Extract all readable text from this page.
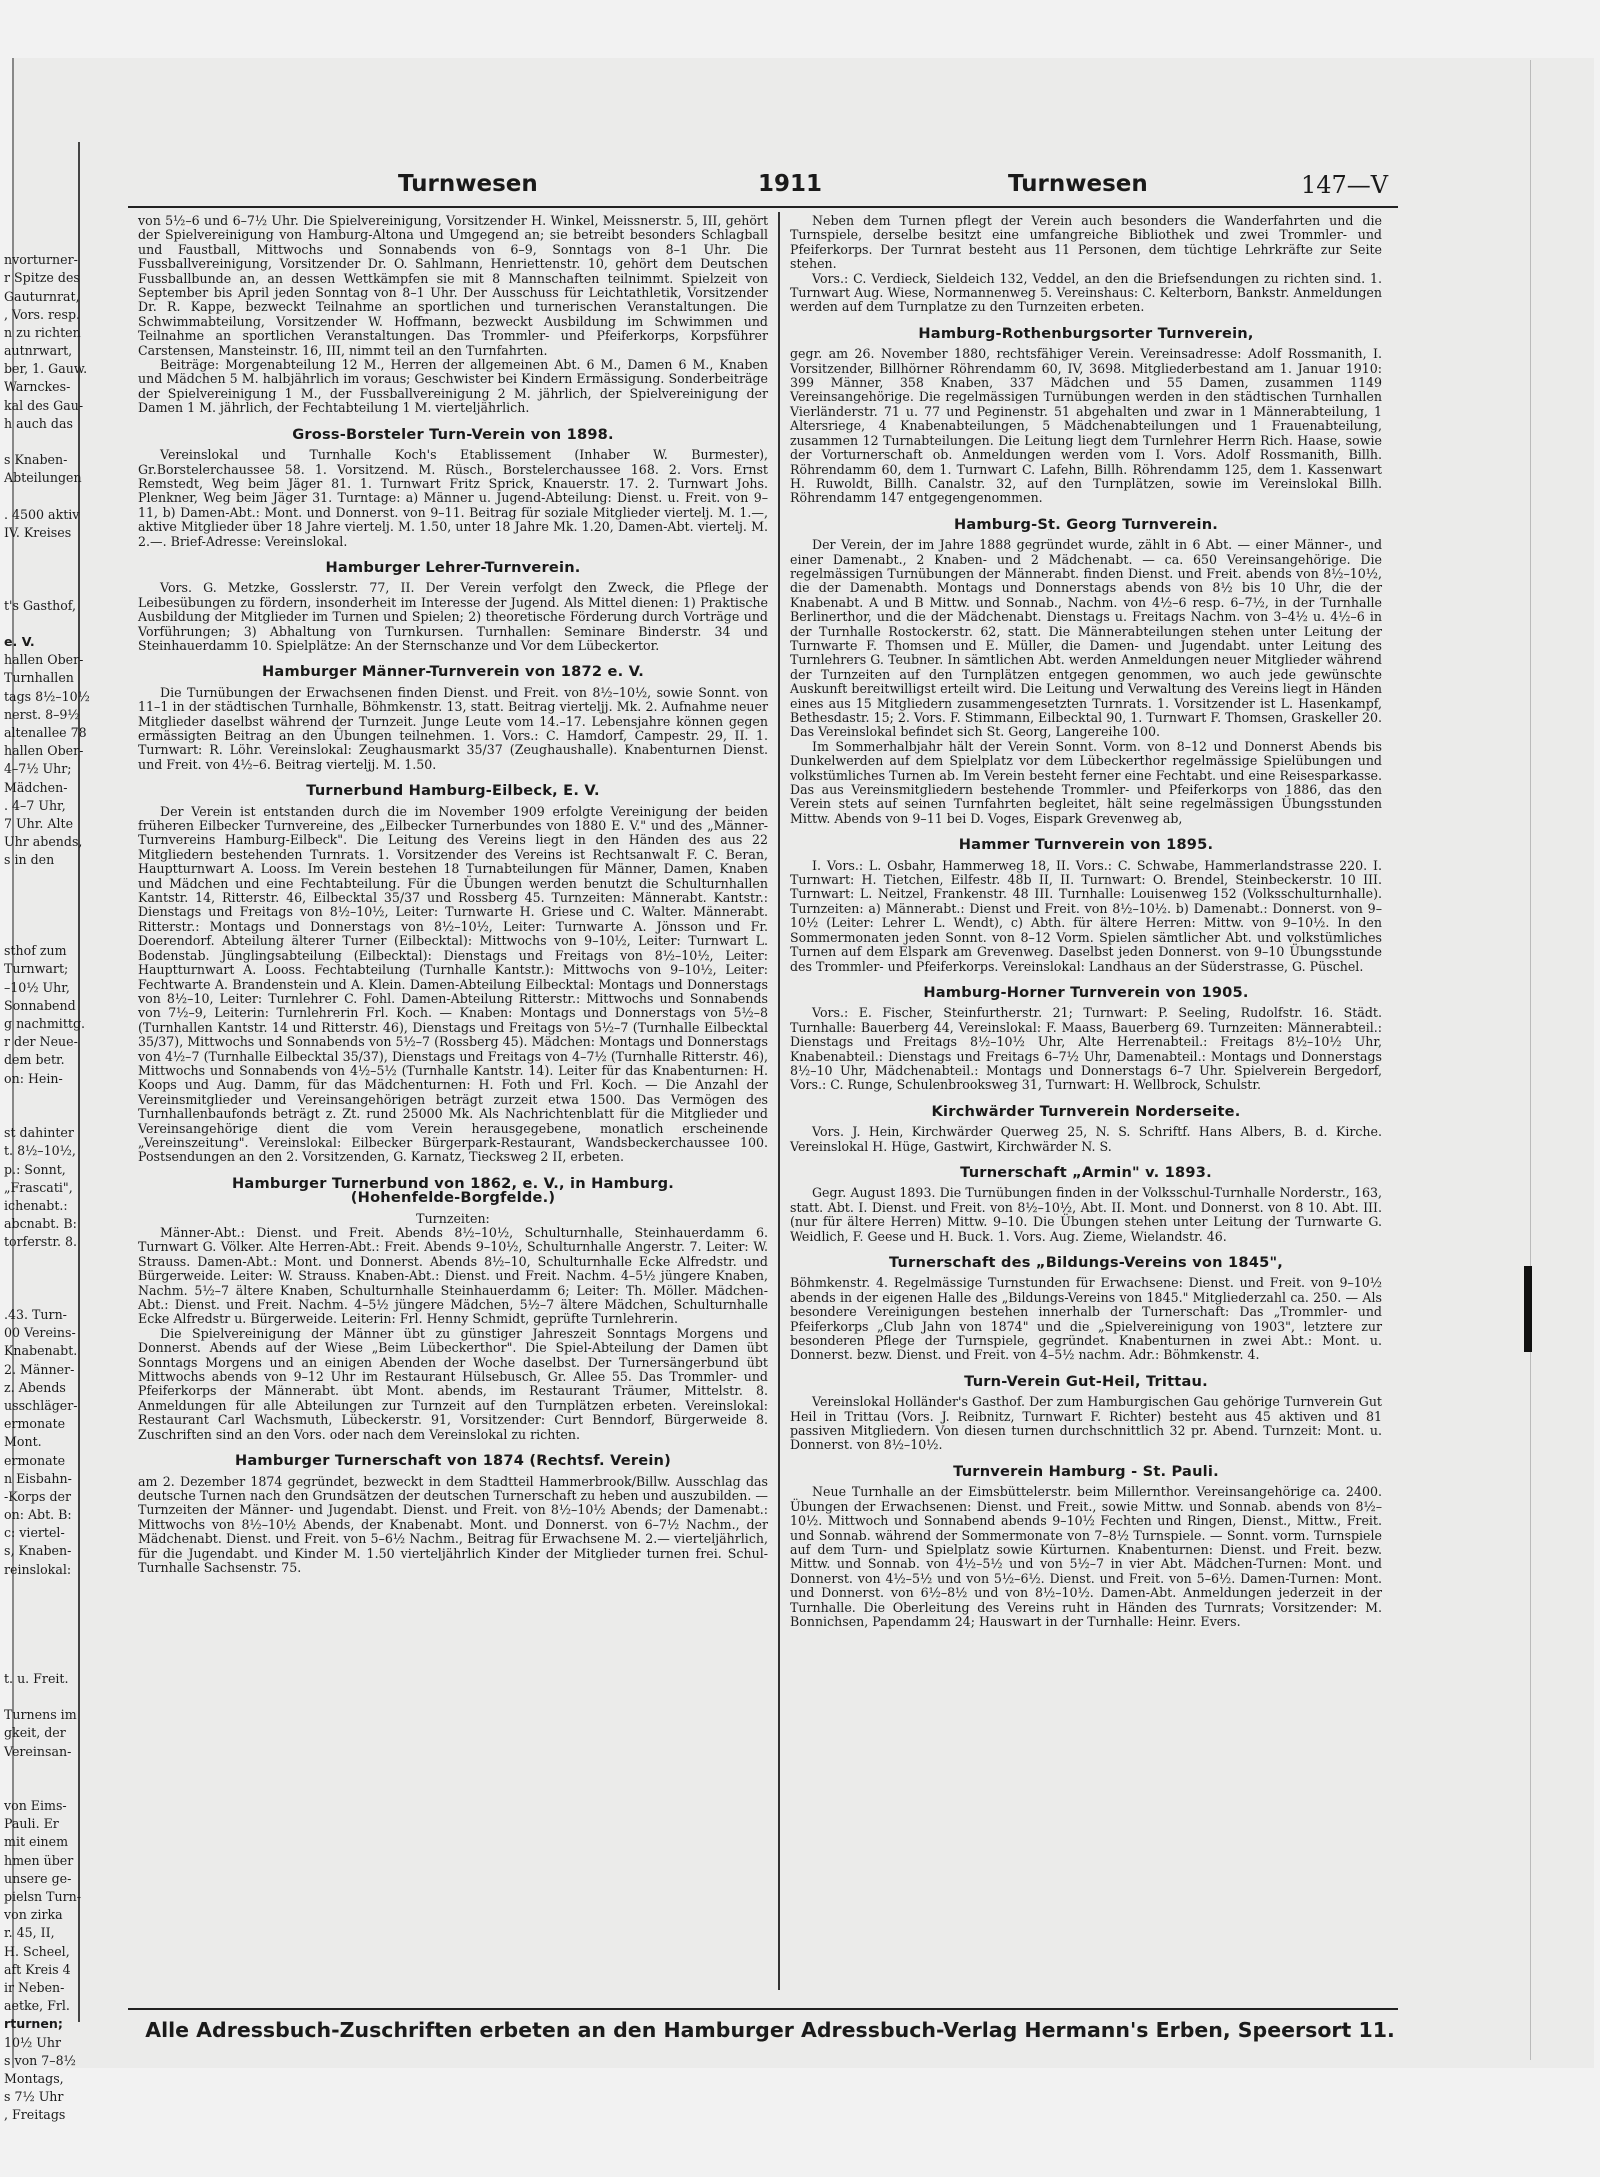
nvorturner-
r Spitze des
Gauturnrat,
, Vors. resp.
n zu richten
autnrwart,
ber, 1. Gauw.
Warnckes-
kal des Gau-
h auch das
s Knaben-
Abteilungen
. 4500 aktiv
IV. Kreises
t's Gasthof,
e. V.
hallen Ober-
Turnhallen
tags 8½–10½
nerst. 8–9½
altenallee 78
hallen Ober-
4–7½ Uhr;
Mädchen-
. 4–7 Uhr,
7 Uhr. Alte
Uhr abends,
s in den
sthof zum
Turnwart;
–10½ Uhr,
Sonnabend
g nachmittg.
r der Neue-
dem betr.
on: Hein-
st dahinter
t. 8½–10½,
p.: Sonnt,
„Frascati",
ichenabt.:
abcnabt. B:
torferstr. 8.
.43. Turn-
00 Vereins-
Knabenabt.
2. Männer-
z. Abends
usschläger-
ermonate
Mont.
ermonate
n Eisbahn-
-Korps der
on: Abt. B:
c: viertel-
s, Knaben-
reinslokal:
t. u. Freit.
Turnens im
gkeit, der
Vereinsan-
von Eims-
Pauli. Er
mit einem
hmen über
unsere ge-
pielsn Turn-
von zirka
r. 45, II,
H. Scheel,
aft Kreis 4
ir Neben-
aetke, Frl.
rturnen;
10½ Uhr
s von 7–8½
Montags,
s 7½ Uhr
, Freitags
Turnwesen	1911	Turnwesen	147—V

von 5½–6 und 6–7½ Uhr. Die Spielvereinigung, Vorsitzender H. Winkel, Meissnerstr. 5, III, gehört der Spielvereinigung von Hamburg-Altona und Umgegend an; sie betreibt besonders Schlagball und Faustball, Mittwochs und Sonnabends von 6–9, Sonntags von 8–1 Uhr. Die Fussballvereinigung, Vorsitzender Dr. O. Sahlmann, Henriettenstr. 10, gehört dem Deutschen Fussballbunde an, an dessen Wettkämpfen sie mit 8 Mannschaften teilnimmt. Spielzeit von September bis April jeden Sonntag von 8–1 Uhr. Der Ausschuss für Leichtathletik, Vorsitzender Dr. R. Kappe, bezweckt Teilnahme an sportlichen und turnerischen Veranstaltungen. Die Schwimmabteilung, Vorsitzender W. Hoffmann, bezweckt Ausbildung im Schwimmen und Teilnahme an sportlichen Veranstaltungen. Das Trommler- und Pfeiferkorps, Korpsführer Carstensen, Mansteinstr. 16, III, nimmt teil an den Turnfahrten.

Beiträge: Morgenabteilung 12 M., Herren der allgemeinen Abt. 6 M., Damen 6 M., Knaben und Mädchen 5 M. halbjährlich im voraus; Geschwister bei Kindern Ermässigung. Sonderbeiträge der Spielvereinigung 1 M., der Fussballvereinigung 2 M. jährlich, der Spielvereinigung der Damen 1 M. jährlich, der Fechtabteilung 1 M. vierteljährlich.

Gross-Borsteler Turn-Verein von 1898.

Vereinslokal und Turnhalle Koch's Etablissement (Inhaber W. Burmester), Gr.Borstelerchaussee 58. 1. Vorsitzend. M. Rüsch., Borstelerchaussee 168. 2. Vors. Ernst Remstedt, Weg beim Jäger 81. 1. Turnwart Fritz Sprick, Knauerstr. 17. 2. Turnwart Johs. Plenkner, Weg beim Jäger 31. Turntage: a) Männer u. Jugend-Abteilung: Dienst. u. Freit. von 9–11, b) Damen-Abt.: Mont. und Donnerst. von 9–11. Beitrag für soziale Mitglieder viertelj. M. 1.—, aktive Mitglieder über 18 Jahre viertelj. M. 1.50, unter 18 Jahre Mk. 1.20, Damen-Abt. viertelj. M. 2.—. Brief-Adresse: Vereinslokal.

Hamburger Lehrer-Turnverein.

Vors. G. Metzke, Gosslerstr. 77, II. Der Verein verfolgt den Zweck, die Pflege der Leibesübungen zu fördern, insonderheit im Interesse der Jugend. Als Mittel dienen: 1) Praktische Ausbildung der Mitglieder im Turnen und Spielen; 2) theoretische Förderung durch Vorträge und Vorführungen; 3) Abhaltung von Turnkursen. Turnhallen: Seminare Binderstr. 34 und Steinhauerdamm 10. Spielplätze: An der Sternschanze und Vor dem Lübeckertor.

Hamburger Männer-Turnverein von 1872 e. V.

Die Turnübungen der Erwachsenen finden Dienst. und Freit. von 8½–10½, sowie Sonnt. von 11–1 in der städtischen Turnhalle, Böhmkenstr. 13, statt. Beitrag vierteljj. Mk. 2. Aufnahme neuer Mitglieder daselbst während der Turnzeit. Junge Leute vom 14.–17. Lebensjahre können gegen ermässigten Beitrag an den Übungen teilnehmen. 1. Vors.: C. Hamdorf, Campestr. 29, II. 1. Turnwart: R. Löhr. Vereinslokal: Zeughausmarkt 35/37 (Zeughaushalle). Knabenturnen Dienst. und Freit. von 4½–6. Beitrag vierteljj. M. 1.50.

Turnerbund Hamburg-Eilbeck, E. V.

Der Verein ist entstanden durch die im November 1909 erfolgte Vereinigung der beiden früheren Eilbecker Turnvereine, des „Eilbecker Turnerbundes von 1880 E. V." und des „Männer-Turnvereins Hamburg-Eilbeck". Die Leitung des Vereins liegt in den Händen des aus 22 Mitgliedern bestehenden Turnrats. 1. Vorsitzender des Vereins ist Rechtsanwalt F. C. Beran, Hauptturnwart A. Looss. Im Verein bestehen 18 Turnabteilungen für Männer, Damen, Knaben und Mädchen und eine Fechtabteilung. Für die Übungen werden benutzt die Schulturnhallen Kantstr. 14, Ritterstr. 46, Eilbecktal 35/37 und Rossberg 45. Turnzeiten: Männerabt. Kantstr.: Dienstags und Freitags von 8½–10½, Leiter: Turnwarte H. Griese und C. Walter. Männerabt. Ritterstr.: Montags und Donnerstags von 8½–10½, Leiter: Turnwarte A. Jönsson und Fr. Doerendorf. Abteilung älterer Turner (Eilbecktal): Mittwochs von 9–10½, Leiter: Turnwart L. Bodenstab. Jünglingsabteilung (Eilbecktal): Dienstags und Freitags von 8½–10½, Leiter: Hauptturnwart A. Looss. Fechtabteilung (Turnhalle Kantstr.): Mittwochs von 9–10½, Leiter: Fechtwarte A. Brandenstein und A. Klein. Damen-Abteilung Eilbecktal: Montags und Donnerstags von 8½–10, Leiter: Turnlehrer C. Fohl. Damen-Abteilung Ritterstr.: Mittwochs und Sonnabends von 7½–9, Leiterin: Turnlehrerin Frl. Koch. — Knaben: Montags und Donnerstags von 5½–8 (Turnhallen Kantstr. 14 und Ritterstr. 46), Dienstags und Freitags von 5½–7 (Turnhalle Eilbecktal 35/37), Mittwochs und Sonnabends von 5½–7 (Rossberg 45). Mädchen: Montags und Donnerstags von 4½–7 (Turnhalle Eilbecktal 35/37), Dienstags und Freitags von 4–7½ (Turnhalle Ritterstr. 46), Mittwochs und Sonnabends von 4½–5½ (Turnhalle Kantstr. 14). Leiter für das Knabenturnen: H. Koops und Aug. Damm, für das Mädchenturnen: H. Foth und Frl. Koch. — Die Anzahl der Vereinsmitglieder und Vereinsangehörigen beträgt zurzeit etwa 1500. Das Vermögen des Turnhallenbaufonds beträgt z. Zt. rund 25000 Mk. Als Nachrichtenblatt für die Mitglieder und Vereinsangehörige dient die vom Verein herausgegebene, monatlich erscheinende „Vereinszeitung". Vereinslokal: Eilbecker Bürgerpark-Restaurant, Wandsbeckerchaussee 100. Postsendungen an den 2. Vorsitzenden, G. Karnatz, Tiecksweg 2 II, erbeten.

Hamburger Turnerbund von 1862, e. V., in Hamburg.
(Hohenfelde-Borgfelde.)
Turnzeiten:

Männer-Abt.: Dienst. und Freit. Abends 8½–10½, Schulturnhalle, Steinhauerdamm 6. Turnwart G. Völker. Alte Herren-Abt.: Freit. Abends 9–10½, Schulturnhalle Angerstr. 7. Leiter: W. Strauss. Damen-Abt.: Mont. und Donnerst. Abends 8½–10, Schulturnhalle Ecke Alfredstr. und Bürgerweide. Leiter: W. Strauss. Knaben-Abt.: Dienst. und Freit. Nachm. 4–5½ jüngere Knaben, Nachm. 5½–7 ältere Knaben, Schulturnhalle Steinhauerdamm 6; Leiter: Th. Möller. Mädchen-Abt.: Dienst. und Freit. Nachm. 4–5½ jüngere Mädchen, 5½–7 ältere Mädchen, Schulturnhalle Ecke Alfredstr u. Bürgerweide. Leiterin: Frl. Henny Schmidt, geprüfte Turnlehrerin.

Die Spielvereinigung der Männer übt zu günstiger Jahreszeit Sonntags Morgens und Donnerst. Abends auf der Wiese „Beim Lübeckerthor". Die Spiel-Abteilung der Damen übt Sonntags Morgens und an einigen Abenden der Woche daselbst. Der Turnersängerbund übt Mittwochs abends von 9–12 Uhr im Restaurant Hülsebusch, Gr. Allee 55. Das Trommler- und Pfeiferkorps der Männerabt. übt Mont. abends, im Restaurant Träumer, Mittelstr. 8. Anmeldungen für alle Abteilungen zur Turnzeit auf den Turnplätzen erbeten. Vereinslokal: Restaurant Carl Wachsmuth, Lübeckerstr. 91, Vorsitzender: Curt Benndorf, Bürgerweide 8. Zuschriften sind an den Vors. oder nach dem Vereinslokal zu richten.

Hamburger Turnerschaft von 1874 (Rechtsf. Verein)

am 2. Dezember 1874 gegründet, bezweckt in dem Stadtteil Hammerbrook/Billw. Ausschlag das deutsche Turnen nach den Grundsätzen der deutschen Turnerschaft zu heben und auszubilden. — Turnzeiten der Männer- und Jugendabt. Dienst. und Freit. von 8½–10½ Abends; der Damenabt.: Mittwochs von 8½–10½ Abends, der Knabenabt. Mont. und Donnerst. von 6–7½ Nachm., der Mädchenabt. Dienst. und Freit. von 5–6½ Nachm., Beitrag für Erwachsene M. 2.— vierteljährlich, für die Jugendabt. und Kinder M. 1.50 vierteljährlich Kinder der Mitglieder turnen frei. Schul-Turnhalle Sachsenstr. 75.

Neben dem Turnen pflegt der Verein auch besonders die Wanderfahrten und die Turnspiele, derselbe besitzt eine umfangreiche Bibliothek und zwei Trommler- und Pfeiferkorps. Der Turnrat besteht aus 11 Personen, dem tüchtige Lehrkräfte zur Seite stehen.

Vors.: C. Verdieck, Sieldeich 132, Veddel, an den die Briefsendungen zu richten sind. 1. Turnwart Aug. Wiese, Normannenweg 5. Vereinshaus: C. Kelterborn, Bankstr. Anmeldungen werden auf dem Turnplatze zu den Turnzeiten erbeten.

Hamburg-Rothenburgsorter Turnverein,

gegr. am 26. November 1880, rechtsfähiger Verein. Vereinsadresse: Adolf Rossmanith, I. Vorsitzender, Billhörner Röhrendamm 60, IV, 3698. Mitgliederbestand am 1. Januar 1910: 399 Männer, 358 Knaben, 337 Mädchen und 55 Damen, zusammen 1149 Vereinsangehörige. Die regelmässigen Turnübungen werden in den städtischen Turnhallen Vierländerstr. 71 u. 77 und Peginenstr. 51 abgehalten und zwar in 1 Männerabteilung, 1 Altersriege, 4 Knabenabteilungen, 5 Mädchenabteilungen und 1 Frauenabteilung, zusammen 12 Turnabteilungen. Die Leitung liegt dem Turnlehrer Herrn Rich. Haase, sowie der Vorturnerschaft ob. Anmeldungen werden vom I. Vors. Adolf Rossmanith, Billh. Röhrendamm 60, dem 1. Turnwart C. Lafehn, Billh. Röhrendamm 125, dem 1. Kassenwart H. Ruwoldt, Billh. Canalstr. 32, auf den Turnplätzen, sowie im Vereinslokal Billh. Röhrendamm 147 entgegengenommen.

Hamburg-St. Georg Turnverein.

Der Verein, der im Jahre 1888 gegründet wurde, zählt in 6 Abt. — einer Männer-, und einer Damenabt., 2 Knaben- und 2 Mädchenabt. — ca. 650 Vereinsangehörige. Die regelmässigen Turnübungen der Männerabt. finden Dienst. und Freit. abends von 8½–10½, die der Damenabth. Montags und Donnerstags abends von 8½ bis 10 Uhr, die der Knabenabt. A und B Mittw. und Sonnab., Nachm. von 4½–6 resp. 6–7½, in der Turnhalle Berlinerthor, und die der Mädchenabt. Dienstags u. Freitags Nachm. von 3–4½ u. 4½–6 in der Turnhalle Rostockerstr. 62, statt. Die Männerabteilungen stehen unter Leitung der Turnwarte F. Thomsen und E. Müller, die Damen- und Jugendabt. unter Leitung des Turnlehrers G. Teubner. In sämtlichen Abt. werden Anmeldungen neuer Mitglieder während der Turnzeiten auf den Turnplätzen entgegen genommen, wo auch jede gewünschte Auskunft bereitwilligst erteilt wird. Die Leitung und Verwaltung des Vereins liegt in Händen eines aus 15 Mitgliedern zusammengesetzten Turnrats. 1. Vorsitzender ist L. Hasenkampf, Bethesdastr. 15; 2. Vors. F. Stimmann, Eilbecktal 90, 1. Turnwart F. Thomsen, Graskeller 20. Das Vereinslokal befindet sich St. Georg, Langereihe 100.

Im Sommerhalbjahr hält der Verein Sonnt. Vorm. von 8–12 und Donnerst Abends bis Dunkelwerden auf dem Spielplatz vor dem Lübeckerthor regelmässige Spielübungen und volkstümliches Turnen ab. Im Verein besteht ferner eine Fechtabt. und eine Reisesparkasse. Das aus Vereinsmitgliedern bestehende Trommler- und Pfeiferkorps von 1886, das den Verein stets auf seinen Turnfahrten begleitet, hält seine regelmässigen Übungsstunden Mittw. Abends von 9–11 bei D. Voges, Eispark Grevenweg ab,

Hammer Turnverein von 1895.

I. Vors.: L. Osbahr, Hammerweg 18, II. Vors.: C. Schwabe, Hammerlandstrasse 220. I. Turnwart: H. Tietchen, Eilfestr. 48b II, II. Turnwart: O. Brendel, Steinbeckerstr. 10 III. Turnwart: L. Neitzel, Frankenstr. 48 III. Turnhalle: Louisenweg 152 (Volksschulturnhalle). Turnzeiten: a) Männerabt.: Dienst und Freit. von 8½–10½. b) Damenabt.: Donnerst. von 9–10½ (Leiter: Lehrer L. Wendt), c) Abth. für ältere Herren: Mittw. von 9–10½. In den Sommermonaten jeden Sonnt. von 8–12 Vorm. Spielen sämtlicher Abt. und volkstümliches Turnen auf dem Elspark am Grevenweg. Daselbst jeden Donnerst. von 9–10 Übungsstunde des Trommler- und Pfeiferkorps. Vereinslokal: Landhaus an der Süderstrasse, G. Püschel.

Hamburg-Horner Turnverein von 1905.

Vors.: E. Fischer, Steinfurtherstr. 21; Turnwart: P. Seeling, Rudolfstr. 16. Städt. Turnhalle: Bauerberg 44, Vereinslokal: F. Maass, Bauerberg 69. Turnzeiten: Männerabteil.: Dienstags und Freitags 8½–10½ Uhr, Alte Herrenabteil.: Freitags 8½–10½ Uhr, Knabenabteil.: Dienstags und Freitags 6–7½ Uhr, Damenabteil.: Montags und Donnerstags 8½–10 Uhr, Mädchenabteil.: Montags und Donnerstags 6–7 Uhr. Spielverein Bergedorf, Vors.: C. Runge, Schulenbrooksweg 31, Turnwart: H. Wellbrock, Schulstr.

Kirchwärder Turnverein Norderseite.

Vors. J. Hein, Kirchwärder Querweg 25, N. S. Schriftf. Hans Albers, B. d. Kirche. Vereinslokal H. Hüge, Gastwirt, Kirchwärder N. S.

Turnerschaft „Armin" v. 1893.

Gegr. August 1893. Die Turnübungen finden in der Volksschul-Turnhalle Norderstr., 163, statt. Abt. I. Dienst. und Freit. von 8½–10½, Abt. II. Mont. und Donnerst. von 8 10. Abt. III. (nur für ältere Herren) Mittw. 9–10. Die Übungen stehen unter Leitung der Turnwarte G. Weidlich, F. Geese und H. Buck. 1. Vors. Aug. Zieme, Wielandstr. 46.

Turnerschaft des „Bildungs-Vereins von 1845",

Böhmkenstr. 4. Regelmässige Turnstunden für Erwachsene: Dienst. und Freit. von 9–10½ abends in der eigenen Halle des „Bildungs-Vereins von 1845." Mitgliederzahl ca. 250. — Als besondere Vereinigungen bestehen innerhalb der Turnerschaft: Das „Trommler- und Pfeiferkorps „Club Jahn von 1874" und die „Spielvereinigung von 1903", letztere zur besonderen Pflege der Turnspiele, gegründet. Knabenturnen in zwei Abt.: Mont. u. Donnerst. bezw. Dienst. und Freit. von 4–5½ nachm. Adr.: Böhmkenstr. 4.

Turn-Verein Gut-Heil, Trittau.

Vereinslokal Holländer's Gasthof. Der zum Hamburgischen Gau gehörige Turnverein Gut Heil in Trittau (Vors. J. Reibnitz, Turnwart F. Richter) besteht aus 45 aktiven und 81 passiven Mitgliedern. Von diesen turnen durchschnittlich 32 pr. Abend. Turnzeit: Mont. u. Donnerst. von 8½–10½.

Turnverein Hamburg - St. Pauli.

Neue Turnhalle an der Eimsbüttelerstr. beim Millernthor. Vereinsangehörige ca. 2400. Übungen der Erwachsenen: Dienst. und Freit., sowie Mittw. und Sonnab. abends von 8½–10½. Mittwoch und Sonnabend abends 9–10½ Fechten und Ringen, Dienst., Mittw., Freit. und Sonnab. während der Sommermonate von 7–8½ Turnspiele. — Sonnt. vorm. Turnspiele auf dem Turn- und Spielplatz sowie Kürturnen. Knabenturnen: Dienst. und Freit. bezw. Mittw. und Sonnab. von 4½–5½ und von 5½–7 in vier Abt. Mädchen-Turnen: Mont. und Donnerst. von 4½–5½ und von 5½–6½. Dienst. und Freit. von 5–6½. Damen-Turnen: Mont. und Donnerst. von 6½–8½ und von 8½–10½. Damen-Abt. Anmeldungen jederzeit in der Turnhalle. Die Oberleitung des Vereins ruht in Händen des Turnrats; Vorsitzender: M. Bonnichsen, Papendamm 24; Hauswart in der Turnhalle: Heinr. Evers.

Alle Adressbuch-Zuschriften erbeten an den Hamburger Adressbuch-Verlag Hermann's Erben, Speersort 11.
